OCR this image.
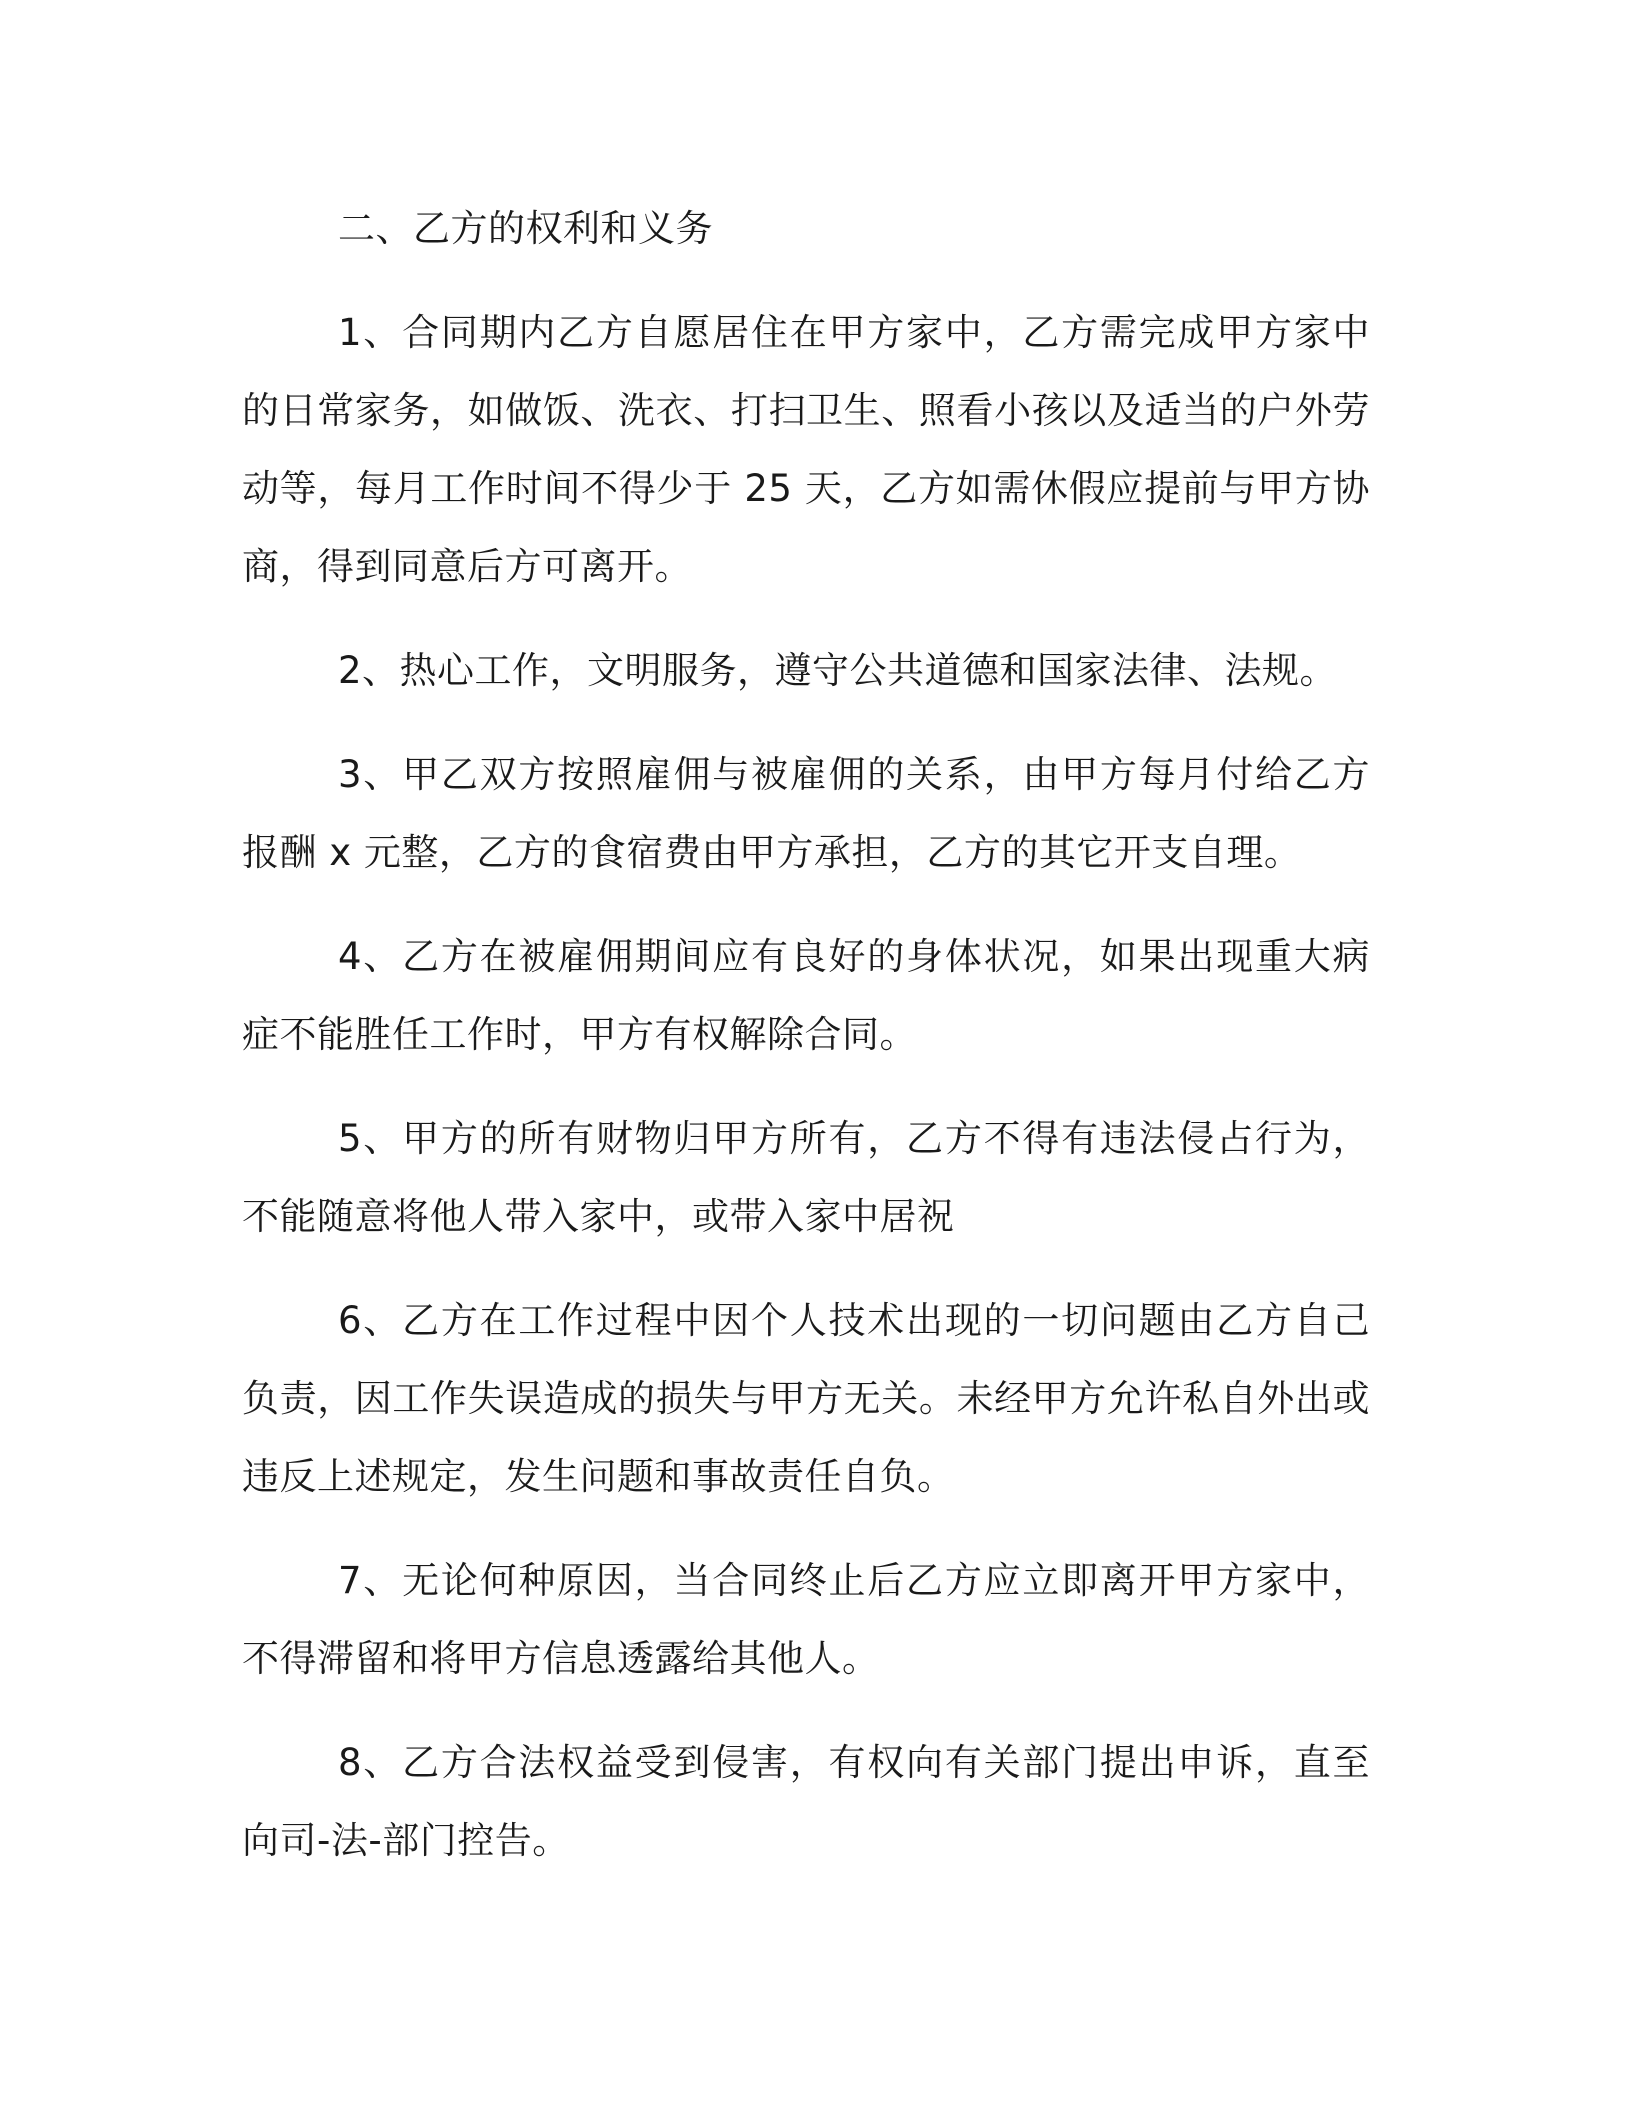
二、乙方的权利和义务

1、合同期内乙方自愿居住在甲方家中，乙方需完成甲方家中的日常家务，如做饭、洗衣、打扫卫生、照看小孩以及适当的户外劳动等，每月工作时间不得少于 25 天，乙方如需休假应提前与甲方协商，得到同意后方可离开。

2、热心工作，文明服务，遵守公共道德和国家法律、法规。

3、甲乙双方按照雇佣与被雇佣的关系，由甲方每月付给乙方报酬 x 元整，乙方的食宿费由甲方承担，乙方的其它开支自理。

4、乙方在被雇佣期间应有良好的身体状况，如果出现重大病症不能胜任工作时，甲方有权解除合同。

5、甲方的所有财物归甲方所有，乙方不得有违法侵占行为，不能随意将他人带入家中，或带入家中居祝

6、乙方在工作过程中因个人技术出现的一切问题由乙方自己负责，因工作失误造成的损失与甲方无关。未经甲方允许私自外出或违反上述规定，发生问题和事故责任自负。

7、无论何种原因，当合同终止后乙方应立即离开甲方家中，不得滞留和将甲方信息透露给其他人。

8、乙方合法权益受到侵害，有权向有关部门提出申诉，直至向司-法-部门控告。
